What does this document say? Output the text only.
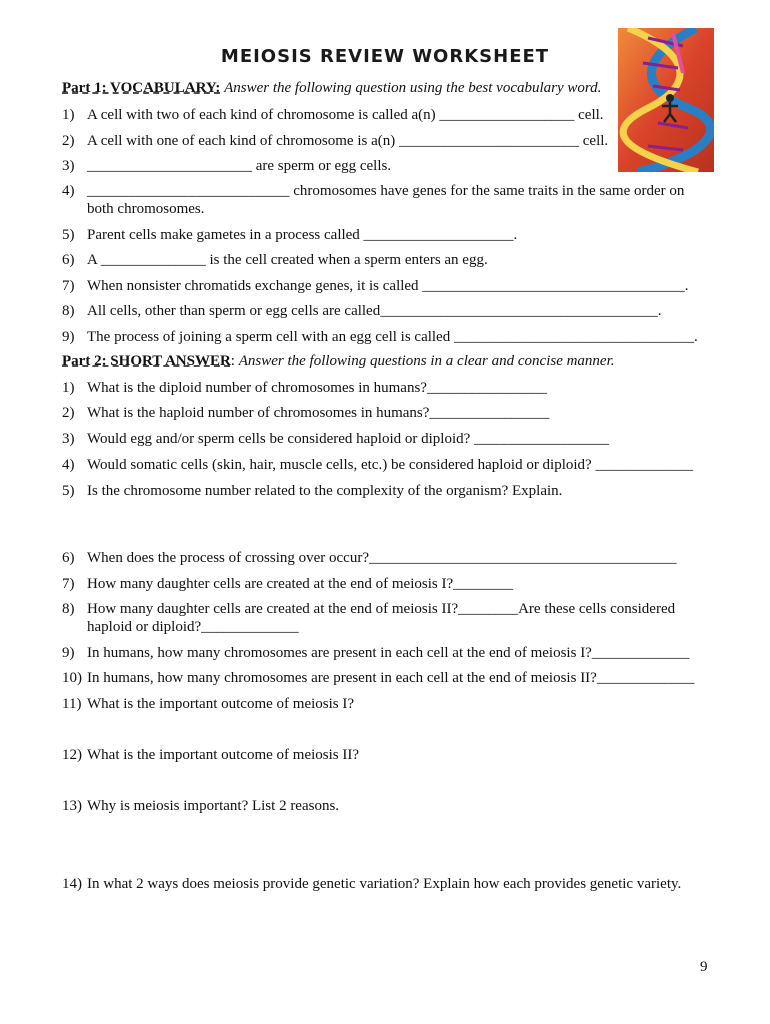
MEIOSIS REVIEW WORKSHEET
Part 1: VOCABULARY: Answer the following question using the best vocabulary word.
1) A cell with two of each kind of chromosome is called a(n) __________________ cell.
2) A cell with one of each kind of chromosome is a(n) ________________________ cell.
3) ______________________ are sperm or egg cells.
4) ___________________________ chromosomes have genes for the same traits in the same order on
both chromosomes.
5) Parent cells make gametes in a process called ____________________.
6) A ______________ is the cell created when a sperm enters an egg.
7) When nonsister chromatids exchange genes, it is called ___________________________________.
8) All cells, other than sperm or egg cells are called_____________________________________.
9) The process of joining a sperm cell with an egg cell is called ________________________________.
Part 2: SHORT ANSWER: Answer the following questions in a clear and concise manner.
1) What is the diploid number of chromosomes in humans?________________
2) What is the haploid number of chromosomes in humans?________________
3) Would egg and/or sperm cells be considered haploid or diploid? __________________
4) Would somatic cells (skin, hair, muscle cells, etc.) be considered haploid or diploid? _____________
5) Is the chromosome number related to the complexity of the organism? Explain.
6) When does the process of crossing over occur?_________________________________________
7) How many daughter cells are created at the end of meiosis I?________
8) How many daughter cells are created at the end of meiosis II?________Are these cells considered
haploid or diploid?_____________
9) In humans, how many chromosomes are present in each cell at the end of meiosis I?_____________
10) In humans, how many chromosomes are present in each cell at the end of meiosis II?_____________
11) What is the important outcome of meiosis I?
12) What is the important outcome of meiosis II?
13) Why is meiosis important? List 2 reasons.
14) In what 2 ways does meiosis provide genetic variation? Explain how each provides genetic variety.
9
